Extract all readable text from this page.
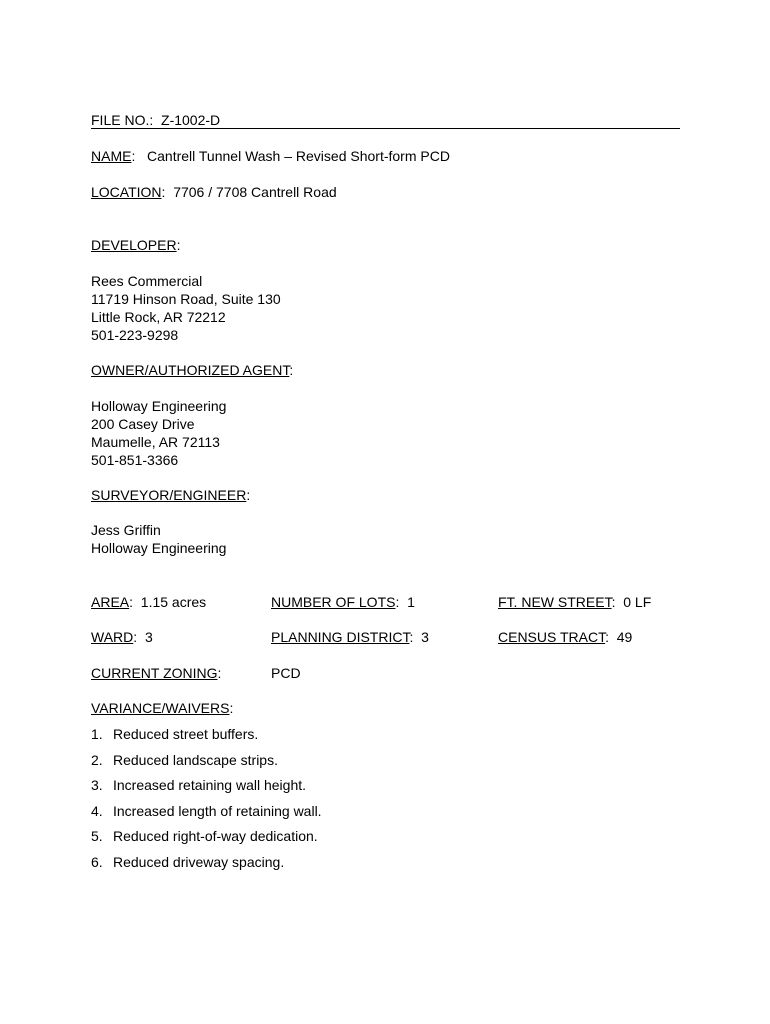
FILE NO.: Z-1002-D
NAME:   Cantrell Tunnel Wash – Revised Short-form PCD
LOCATION:  7706 / 7708 Cantrell Road
DEVELOPER:
Rees Commercial
11719 Hinson Road, Suite 130
Little Rock, AR 72212
501-223-9298
OWNER/AUTHORIZED AGENT:
Holloway Engineering
200 Casey Drive
Maumelle, AR 72113
501-851-3366
SURVEYOR/ENGINEER:
Jess Griffin
Holloway Engineering
AREA:  1.15 acres	NUMBER OF LOTS:  1	FT. NEW STREET:  0 LF
WARD:  3	PLANNING DISTRICT:  3	CENSUS TRACT:  49
CURRENT ZONING:	PCD
VARIANCE/WAIVERS:
1. Reduced street buffers.
2. Reduced landscape strips.
3. Increased retaining wall height.
4. Increased length of retaining wall.
5. Reduced right-of-way dedication.
6. Reduced driveway spacing.
